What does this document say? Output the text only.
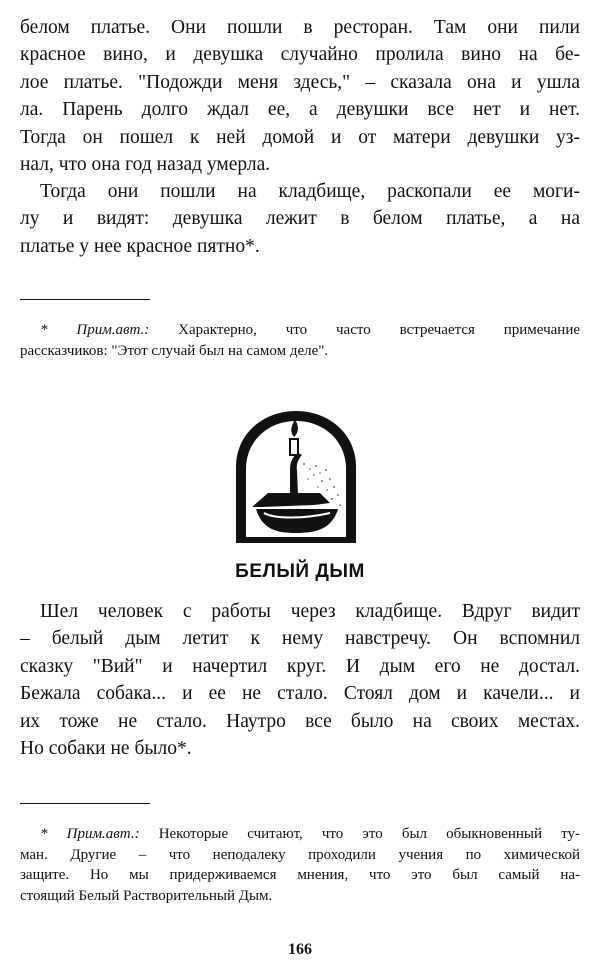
белом платье. Они пошли в ресторан. Там они пили
красное вино, и девушка случайно пролила вино на бе-
лое платье. "Подожди меня здесь," – сказала она и ушла
ла. Парень долго ждал ее, а девушки все нет и нет.
Тогда он пошел к ней домой и от матери девушки уз-
нал, что она год назад умерла.

Тогда они пошли на кладбище, раскопали ее моги-
лу и видят: девушка лежит в белом платье, а на
платье у нее красное пятно*.

* Прим.авт.: Характерно, что часто встречается примечание
рассказчиков: "Этот случай был на самом деле".

БЕЛЫЙ ДЫМ

Шел человек с работы через кладбище. Вдруг видит
– белый дым летит к нему навстречу. Он вспомнил
сказку "Вий" и начертил круг. И дым его не достал.
Бежала собака... и ее не стало. Стоял дом и качели... и
их тоже не стало. Наутро все было на своих местах.
Но собаки не было*.

* Прим.авт.: Некоторые считают, что это был обыкновенный ту-
ман. Другие – что неподалеку проходили учения по химической
защите. Но мы придерживаемся мнения, что это был самый на-
стоящий Белый Растворительный Дым.

166
